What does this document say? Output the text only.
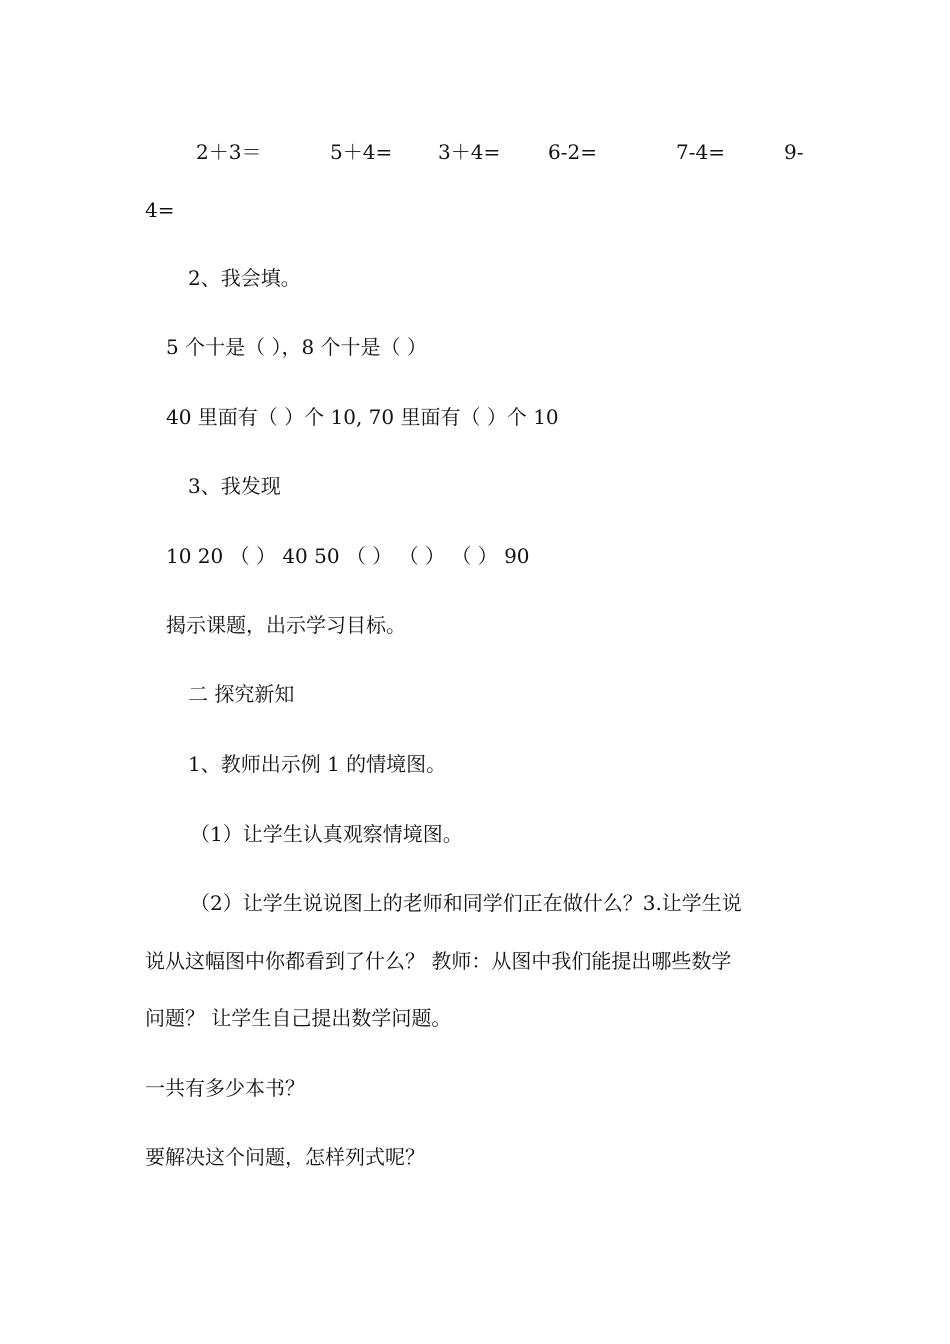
2＋3＝	5＋4= 3＋4= 6-2=	7-4=	9-
4=
2、我会填。
5 个十是（ ），8 个十是（ ）
40 里面有（ ）个 10, 70 里面有（ ）个 10
3、我发现
10 20 （ ） 40 50 （ ） （ ） （ ） 90
揭示课题，出示学习目标。
二 探究新知
1、教师出示例 1 的情境图。
（1）让学生认真观察情境图。
（2）让学生说说图上的老师和同学们正在做什么？3.让学生说
说从这幅图中你都看到了什么？ 教师：从图中我们能提出哪些数学
问题？ 让学生自己提出数学问题。
一共有多少本书？
要解决这个问题，怎样列式呢？
